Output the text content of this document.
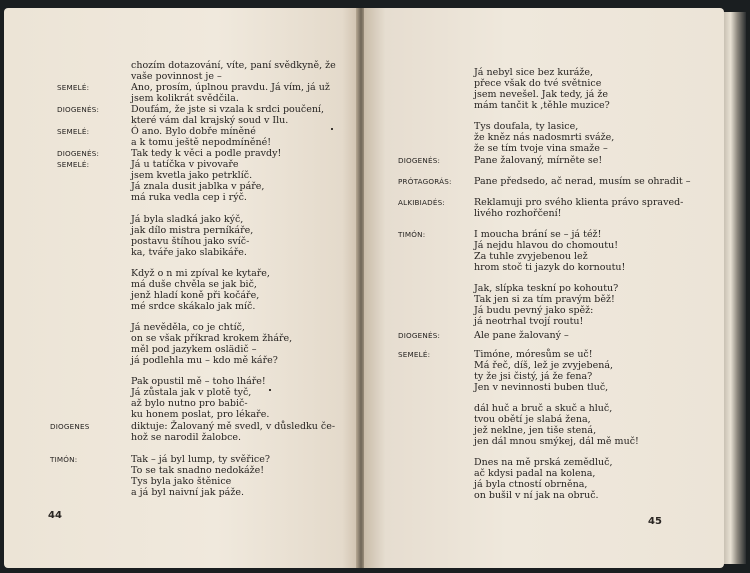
chozím dotazování, víte, paní svědkyně, že
vaše povinnost je –
Ano, prosím, úplnou pravdu. Já vím, já už
jsem kolikrát svědčila.
Doufám, že jste si vzala k srdci poučení,
které vám dal krajský soud v Ilu.
Ó ano. Bylo dobře míněné
a k tomu ještě nepodmíněné!
Tak tedy k věci a podle pravdy!
Já u tatíčka v pivovaře
jsem kvetla jako petrklíč.
Já znala dusit jablka v páře,
má ruka vedla cep i rýč.
Já byla sladká jako kýč,
jak dílo mistra perníkáře,
postavu štíhou jako svíč-
ka, tváře jako slabikáře.
Když o n mi zpíval ke kytaře,
má duše chvěla se jak bič,
jenž hladí koně při kočáře,
mé srdce skákalo jak míč.
Já nevěděla, co je chtíč,
on se však příkrad krokem žháře,
měl pod jazykem oslädič –
já podlehla mu – kdo mě káře?
Pak opustil mě – toho lháře!
Já zůstala jak v plotě tyč,
až bylo nutno pro babič-
ku honem poslat, pro lékaře.
diktuje: Žalovaný mě svedl, v důsledku če-
hož se narodil žalobce.
Tak – já byl lump, ty svěřice?
To se tak snadno nedokáže!
Tys byla jako štěnice
a já byl naivní jak páže.
SEMELÉ:
DIOGENÉS:
SEMELÉ:
DIOGENÉS:
SEMELÉ:
DIOGENES
TIMÓN:
44
Já nebyl sice bez kuráže,
přece však do tvé světnice
jsem nevešel. Jak tedy, já že
mám tančit k ,těhle muzice?
Tys doufala, ty lasice,
že kněz nás nadosmrti sváže,
že se tím tvoje vina smaže –
Pane žalovaný, mírněte se!
Pane předsedo, ač nerad, musím se ohradit –
Reklamuji pro svého klienta právo spraved-
livého rozhořčení!
I moucha brání se – já též!
Já nejdu hlavou do chomoutu!
Za tuhle zvyjebenou lež
hrom stoč ti jazyk do kornoutu!
Jak, slípka teskní po kohoutu?
Tak jen si za tím pravým běž!
Já budu pevný jako spěž:
já neotrhal tvojí routu!
Ale pane žalovaný –
Timóne, móresům se uč!
Má řeč, díš, lež je zvyjebená,
ty že jsi čistý, já že fena?
Jen v nevinnosti buben tluč,
dál huč a bruč a skuč a hluč,
tvou obětí je slabá žena,
jež neklne, jen tiše stená,
jen dál mnou smýkej, dál mě muč!
Dnes na mě prská zemědluč,
ač kdysi padal na kolena,
já byla ctností obrněna,
on bušil v ní jak na obruč.
DIOGENÉS:
PRÓTAGORÁS:
ALKIBIADÉS:
TIMÓN:
DIOGENÉS:
SEMELÉ:
45
